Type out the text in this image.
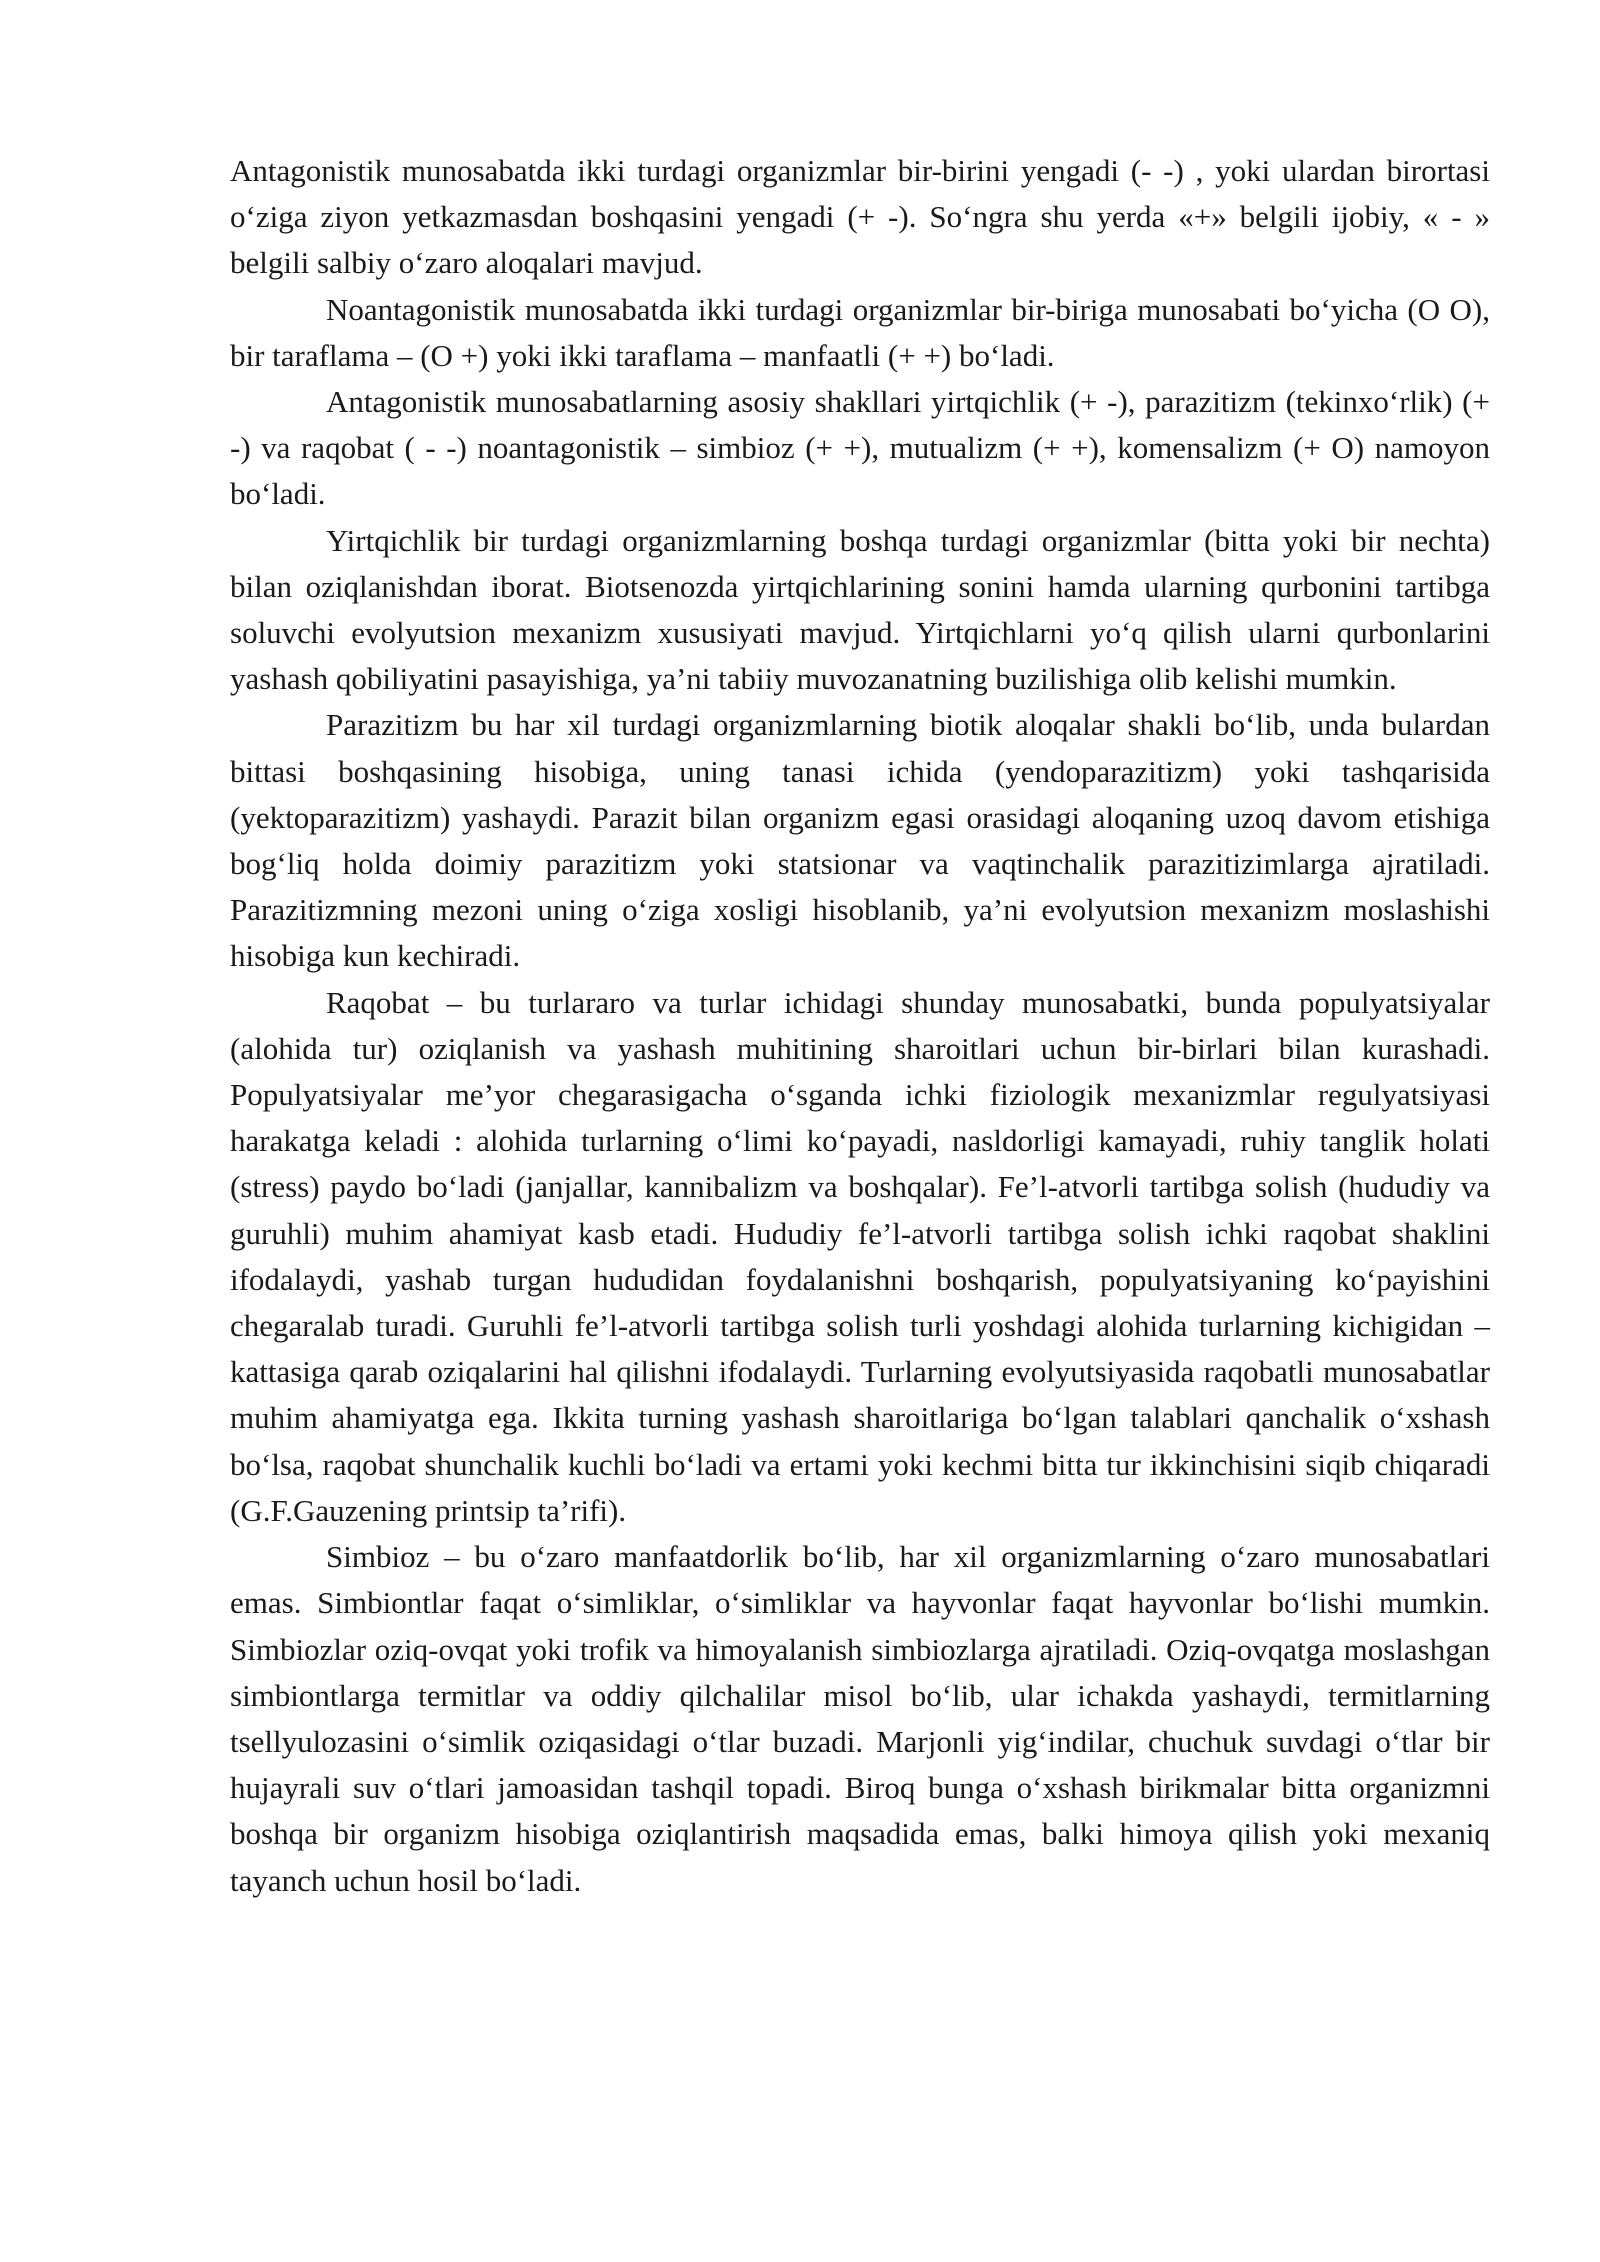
Antagonistik munosabatda ikki turdagi organizmlar bir-birini yengadi (- -) , yoki ulardan birortasi o‘ziga ziyon yetkazmasdan boshqasini yengadi (+ -). So‘ngra shu yerda «+» belgili ijobiy, « - » belgili salbiy o‘zaro aloqalari mavjud.

Noantagonistik munosabatda ikki turdagi organizmlar bir-biriga munosabati bo‘yicha (O O), bir taraflama – (O +) yoki ikki taraflama – manfaatli (+ +) bo‘ladi.

Antagonistik munosabatlarning asosiy shakllari yirtqichlik (+ -), parazitizm (tekinxo‘rlik) (+ -) va raqobat ( - -) noantagonistik – simbioz (+ +), mutualizm (+ +), komensalizm (+ O) namoyon bo‘ladi.

Yirtqichlik bir turdagi organizmlarning boshqa turdagi organizmlar (bitta yoki bir nechta) bilan oziqlanishdan iborat. Biotsenozda yirtqichlarining sonini hamda ularning qurbonini tartibga soluvchi evolyutsion mexanizm xususiyati mavjud. Yirtqichlarni yo‘q qilish ularni qurbonlarini yashash qobiliyatini pasayishiga, ya’ni tabiiy muvozanatning buzilishiga olib kelishi mumkin.

Parazitizm bu har xil turdagi organizmlarning biotik aloqalar shakli bo‘lib, unda bulardan bittasi boshqasining hisobiga, uning tanasi ichida (yendoparazitizm) yoki tashqarisida (yektoparazitizm) yashaydi. Parazit bilan organizm egasi orasidagi aloqaning uzoq davom etishiga bog‘liq holda doimiy parazitizm yoki statsionar va vaqtinchalik parazitizimlarga ajratiladi. Parazitizmning mezoni uning o‘ziga xosligi hisoblanib, ya’ni evolyutsion mexanizm moslashishi hisobiga kun kechiradi.

Raqobat – bu turlararo va turlar ichidagi shunday munosabatki, bunda populyatsiyalar (alohida tur) oziqlanish va yashash muhitining sharoitlari uchun bir-birlari bilan kurashadi. Populyatsiyalar me’yor chegarasigacha o‘sganda ichki fiziologik mexanizmlar regulyatsiyasi harakatga keladi : alohida turlarning o‘limi ko‘payadi, nasldorligi kamayadi, ruhiy tanglik holati (stress) paydo bo‘ladi (janjallar, kannibalizm va boshqalar). Fe’l-atvorli tartibga solish (hududiy va guruhli) muhim ahamiyat kasb etadi. Hududiy fe’l-atvorli tartibga solish ichki raqobat shaklini ifodalaydi, yashab turgan hududidan foydalanishni boshqarish, populyatsiyaning ko‘payishini chegaralab turadi. Guruhli fe’l-atvorli tartibga solish turli yoshdagi alohida turlarning kichigidan – kattasiga qarab oziqalarini hal qilishni ifodalaydi. Turlarning evolyutsiyasida raqobatli munosabatlar muhim ahamiyatga ega. Ikkita turning yashash sharoitlariga bo‘lgan talablari qanchalik o‘xshash bo‘lsa, raqobat shunchalik kuchli bo‘ladi va ertami yoki kechmi bitta tur ikkinchisini siqib chiqaradi (G.F.Gauzening printsip ta’rifi).

Simbioz – bu o‘zaro manfaatdorlik bo‘lib, har xil organizmlarning o‘zaro munosabatlari emas. Simbiontlar faqat o‘simliklar, o‘simliklar va hayvonlar faqat hayvonlar bo‘lishi mumkin. Simbiozlar oziq-ovqat yoki trofik va himoyalanish simbiozlarga ajratiladi. Oziq-ovqatga moslashgan simbiontlarga termitlar va oddiy qilchalilar misol bo‘lib, ular ichakda yashaydi, termitlarning tsellyulozasini o‘simlik oziqasidagi o‘tlar buzadi. Marjonli yig‘indilar, chuchuk suvdagi o‘tlar bir hujayrali suv o‘tlari jamoasidan tashqil topadi. Biroq bunga o‘xshash birikmalar bitta organizmni boshqa bir organizm hisobiga oziqlantirish maqsadida emas, balki himoya qilish yoki mexaniq tayanch uchun hosil bo‘ladi.
